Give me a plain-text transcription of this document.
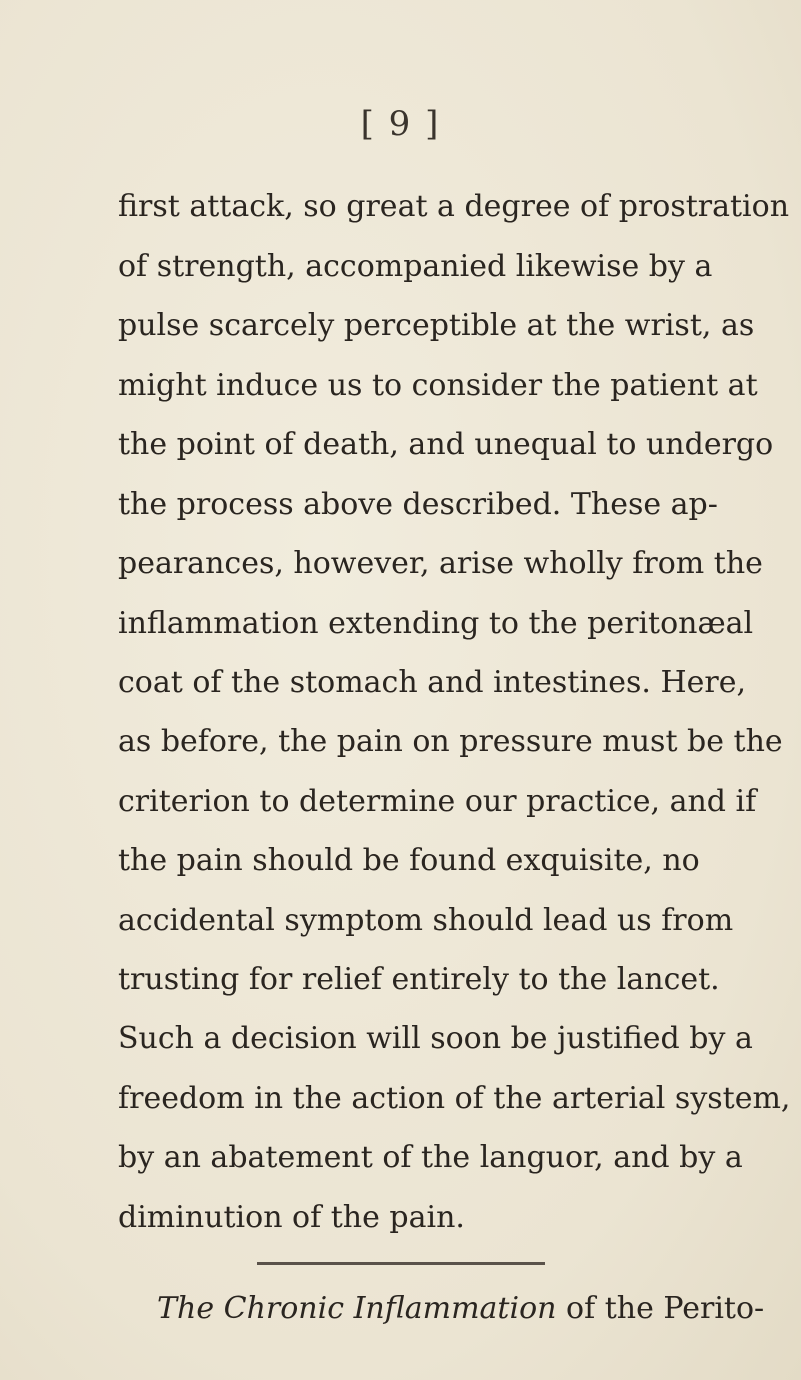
[ 9 ]
first attack, so great a degree of prostration
of strength, accompanied likewise by a
pulse scarcely perceptible at the wrist, as
might induce us to consider the patient at
the point of death, and unequal to undergo
the process above described. These ap-
pearances, however, arise wholly from the
inflammation extending to the peritonæal
coat of the stomach and intestines. Here,
as before, the pain on pressure must be the
criterion to determine our practice, and if
the pain should be found exquisite, no
accidental symptom should lead us from
trusting for relief entirely to the lancet.
Such a decision will soon be justified by a
freedom in the action of the arterial system,
by an abatement of the languor, and by a
diminution of the pain.
The Chronic Inflammation of the Perito-
